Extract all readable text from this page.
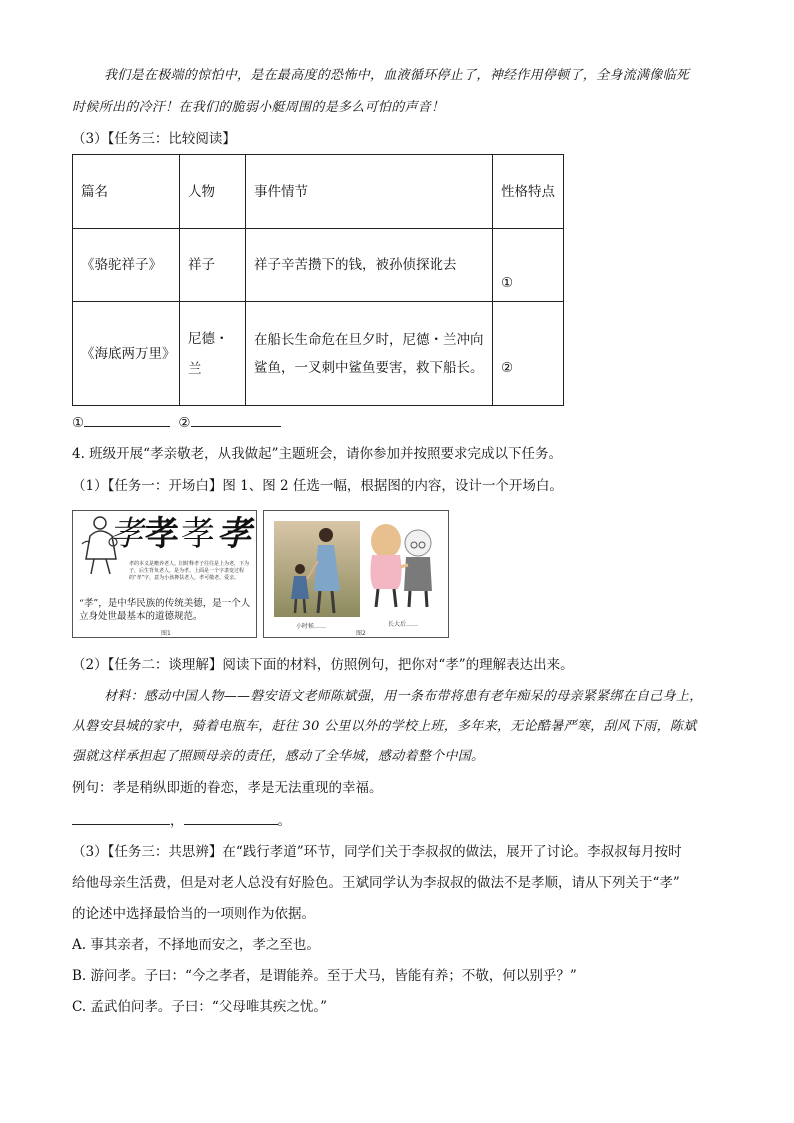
我们是在极端的惊怕中，是在最高度的恐怖中，血液循环停止了，神经作用停顿了，全身流满像临死
时候所出的冷汗！在我们的脆弱小艇周围的是多么可怕的声音！
（3）【任务三：比较阅读】
篇名	人物	事件情节	性格特点
《骆驼祥子》	祥子	祥子辛苦攒下的钱，被孙侦探讹去	①
《海底两万里》	尼德・兰	在船长生命危在旦夕时，尼德・兰冲向鲨鱼，一叉刺中鲨鱼要害，救下船长。	②
①	②
4. 班级开展“孝亲敬老，从我做起”主题班会，请你参加并按照要求完成以下任务。
（1）【任务一：开场白】图 1、图 2 任选一幅，根据图的内容，设计一个开场白。
孝孝孝孝
孝的本义是赡养老人。旧时释孝子往往是上为老，下为子，后生背负老人，是为孝。上面是一个字隶变过程的“孝”字，意为小孩搀扶老人，孝可敬老、爱亲。
“孝”，是中华民族的传统美德，是一个人立身处世最基本的道德规范。
图1
小时候……	长大后……
图2
（2）【任务二：谈理解】阅读下面的材料，仿照例句，把你对“孝”的理解表达出来。
材料：感动中国人物——磐安语文老师陈斌强，用一条布带将患有老年痴呆的母亲紧紧绑在自己身上，
从磐安县城的家中，骑着电瓶车，赶往 30 公里以外的学校上班，多年来，无论酷暑严寒，刮风下雨，陈斌
强就这样承担起了照顾母亲的责任，感动了全华城，感动着整个中国。
例句：孝是稍纵即逝的眷恋，孝是无法重现的幸福。
，	。
（3）【任务三：共思辨】在“践行孝道”环节，同学们关于李叔叔的做法，展开了讨论。李叔叔每月按时
给他母亲生活费，但是对老人总没有好脸色。王斌同学认为李叔叔的做法不是孝顺，请从下列关于“孝”
的论述中选择最恰当的一项则作为依据。
A. 事其亲者，不择地而安之，孝之至也。
B. 游问孝。子曰：“今之孝者，是谓能养。至于犬马，皆能有养；不敬，何以别乎？”
C. 孟武伯问孝。子曰：“父母唯其疾之忧。”
